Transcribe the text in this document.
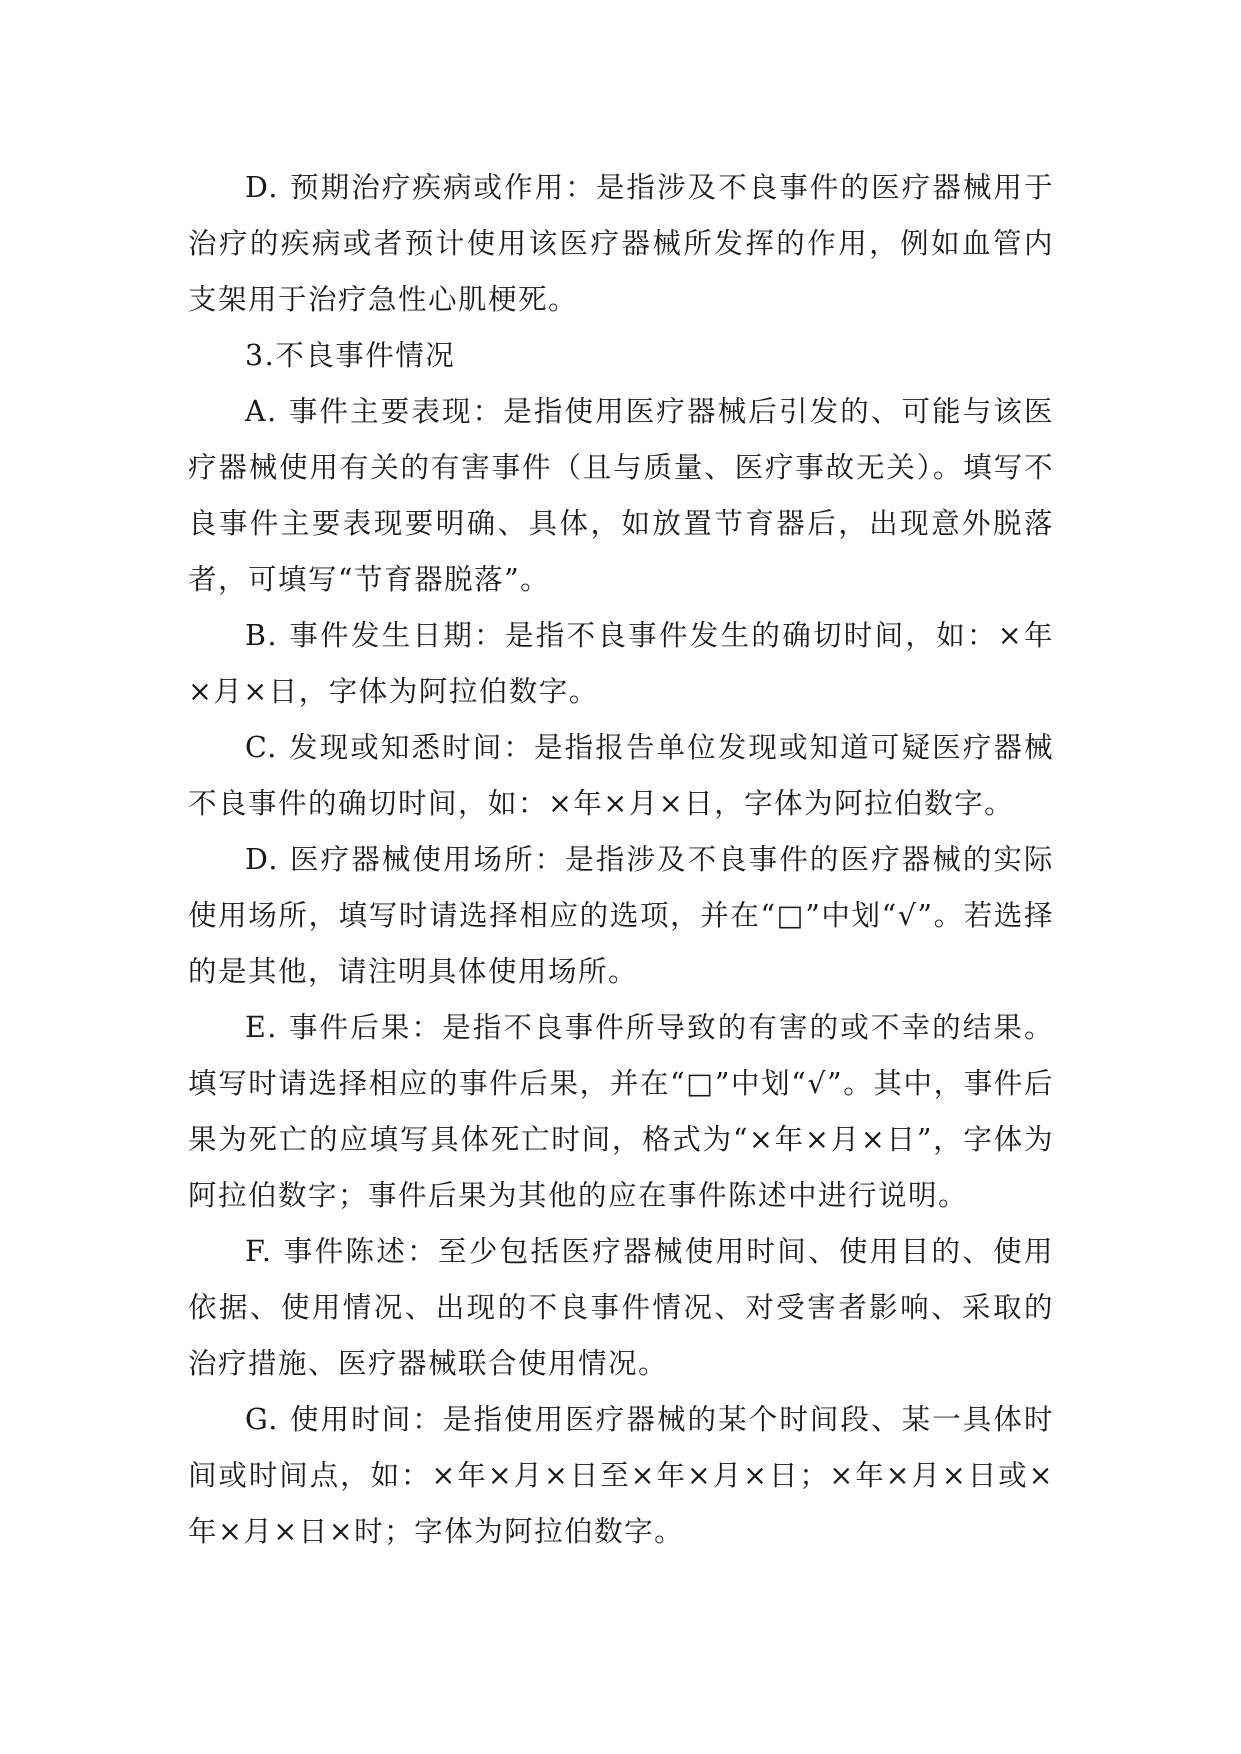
D. 预期治疗疾病或作用：是指涉及不良事件的医疗器械用于治疗的疾病或者预计使用该医疗器械所发挥的作用，例如血管内支架用于治疗急性心肌梗死。

3.不良事件情况

A. 事件主要表现：是指使用医疗器械后引发的、可能与该医疗器械使用有关的有害事件（且与质量、医疗事故无关）。填写不良事件主要表现要明确、具体，如放置节育器后，出现意外脱落者，可填写“节育器脱落”。

B. 事件发生日期：是指不良事件发生的确切时间，如：×年×月×日，字体为阿拉伯数字。

C. 发现或知悉时间：是指报告单位发现或知道可疑医疗器械不良事件的确切时间，如：×年×月×日，字体为阿拉伯数字。

D. 医疗器械使用场所：是指涉及不良事件的医疗器械的实际使用场所，填写时请选择相应的选项，并在“□”中划“√”。若选择的是其他，请注明具体使用场所。

E. 事件后果：是指不良事件所导致的有害的或不幸的结果。填写时请选择相应的事件后果，并在“□”中划“√”。其中，事件后果为死亡的应填写具体死亡时间，格式为“×年×月×日”，字体为阿拉伯数字；事件后果为其他的应在事件陈述中进行说明。

F. 事件陈述：至少包括医疗器械使用时间、使用目的、使用依据、使用情况、出现的不良事件情况、对受害者影响、采取的治疗措施、医疗器械联合使用情况。

G. 使用时间：是指使用医疗器械的某个时间段、某一具体时间或时间点，如：×年×月×日至×年×月×日；×年×月×日或×年×月×日×时；字体为阿拉伯数字。
